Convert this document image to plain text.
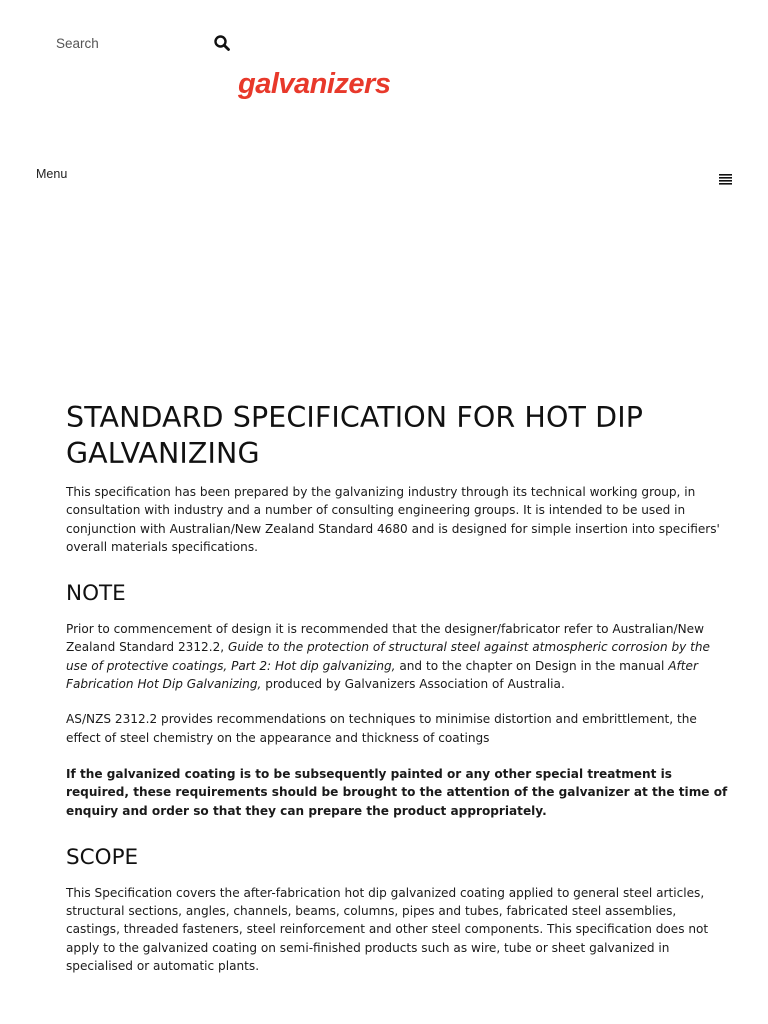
Search
galvanizers
Menu
STANDARD SPECIFICATION FOR HOT DIP GALVANIZING

This specification has been prepared by the galvanizing industry through its technical working group, in consultation with industry and a number of consulting engineering groups. It is intended to be used in conjunction with Australian/New Zealand Standard 4680 and is designed for simple insertion into specifiers' overall materials specifications.

NOTE

Prior to commencement of design it is recommended that the designer/fabricator refer to Australian/New Zealand Standard 2312.2, Guide to the protection of structural steel against atmospheric corrosion by the use of protective coatings, Part 2: Hot dip galvanizing, and to the chapter on Design in the manual After Fabrication Hot Dip Galvanizing, produced by Galvanizers Association of Australia.

AS/NZS 2312.2 provides recommendations on techniques to minimise distortion and embrittlement, the effect of steel chemistry on the appearance and thickness of coatings

If the galvanized coating is to be subsequently painted or any other special treatment is required, these requirements should be brought to the attention of the galvanizer at the time of enquiry and order so that they can prepare the product appropriately.

SCOPE

This Specification covers the after-fabrication hot dip galvanized coating applied to general steel articles, structural sections, angles, channels, beams, columns, pipes and tubes, fabricated steel assemblies, castings, threaded fasteners, steel reinforcement and other steel components. This specification does not apply to the galvanized coating on semi-finished products such as wire, tube or sheet galvanized in specialised or automatic plants.
